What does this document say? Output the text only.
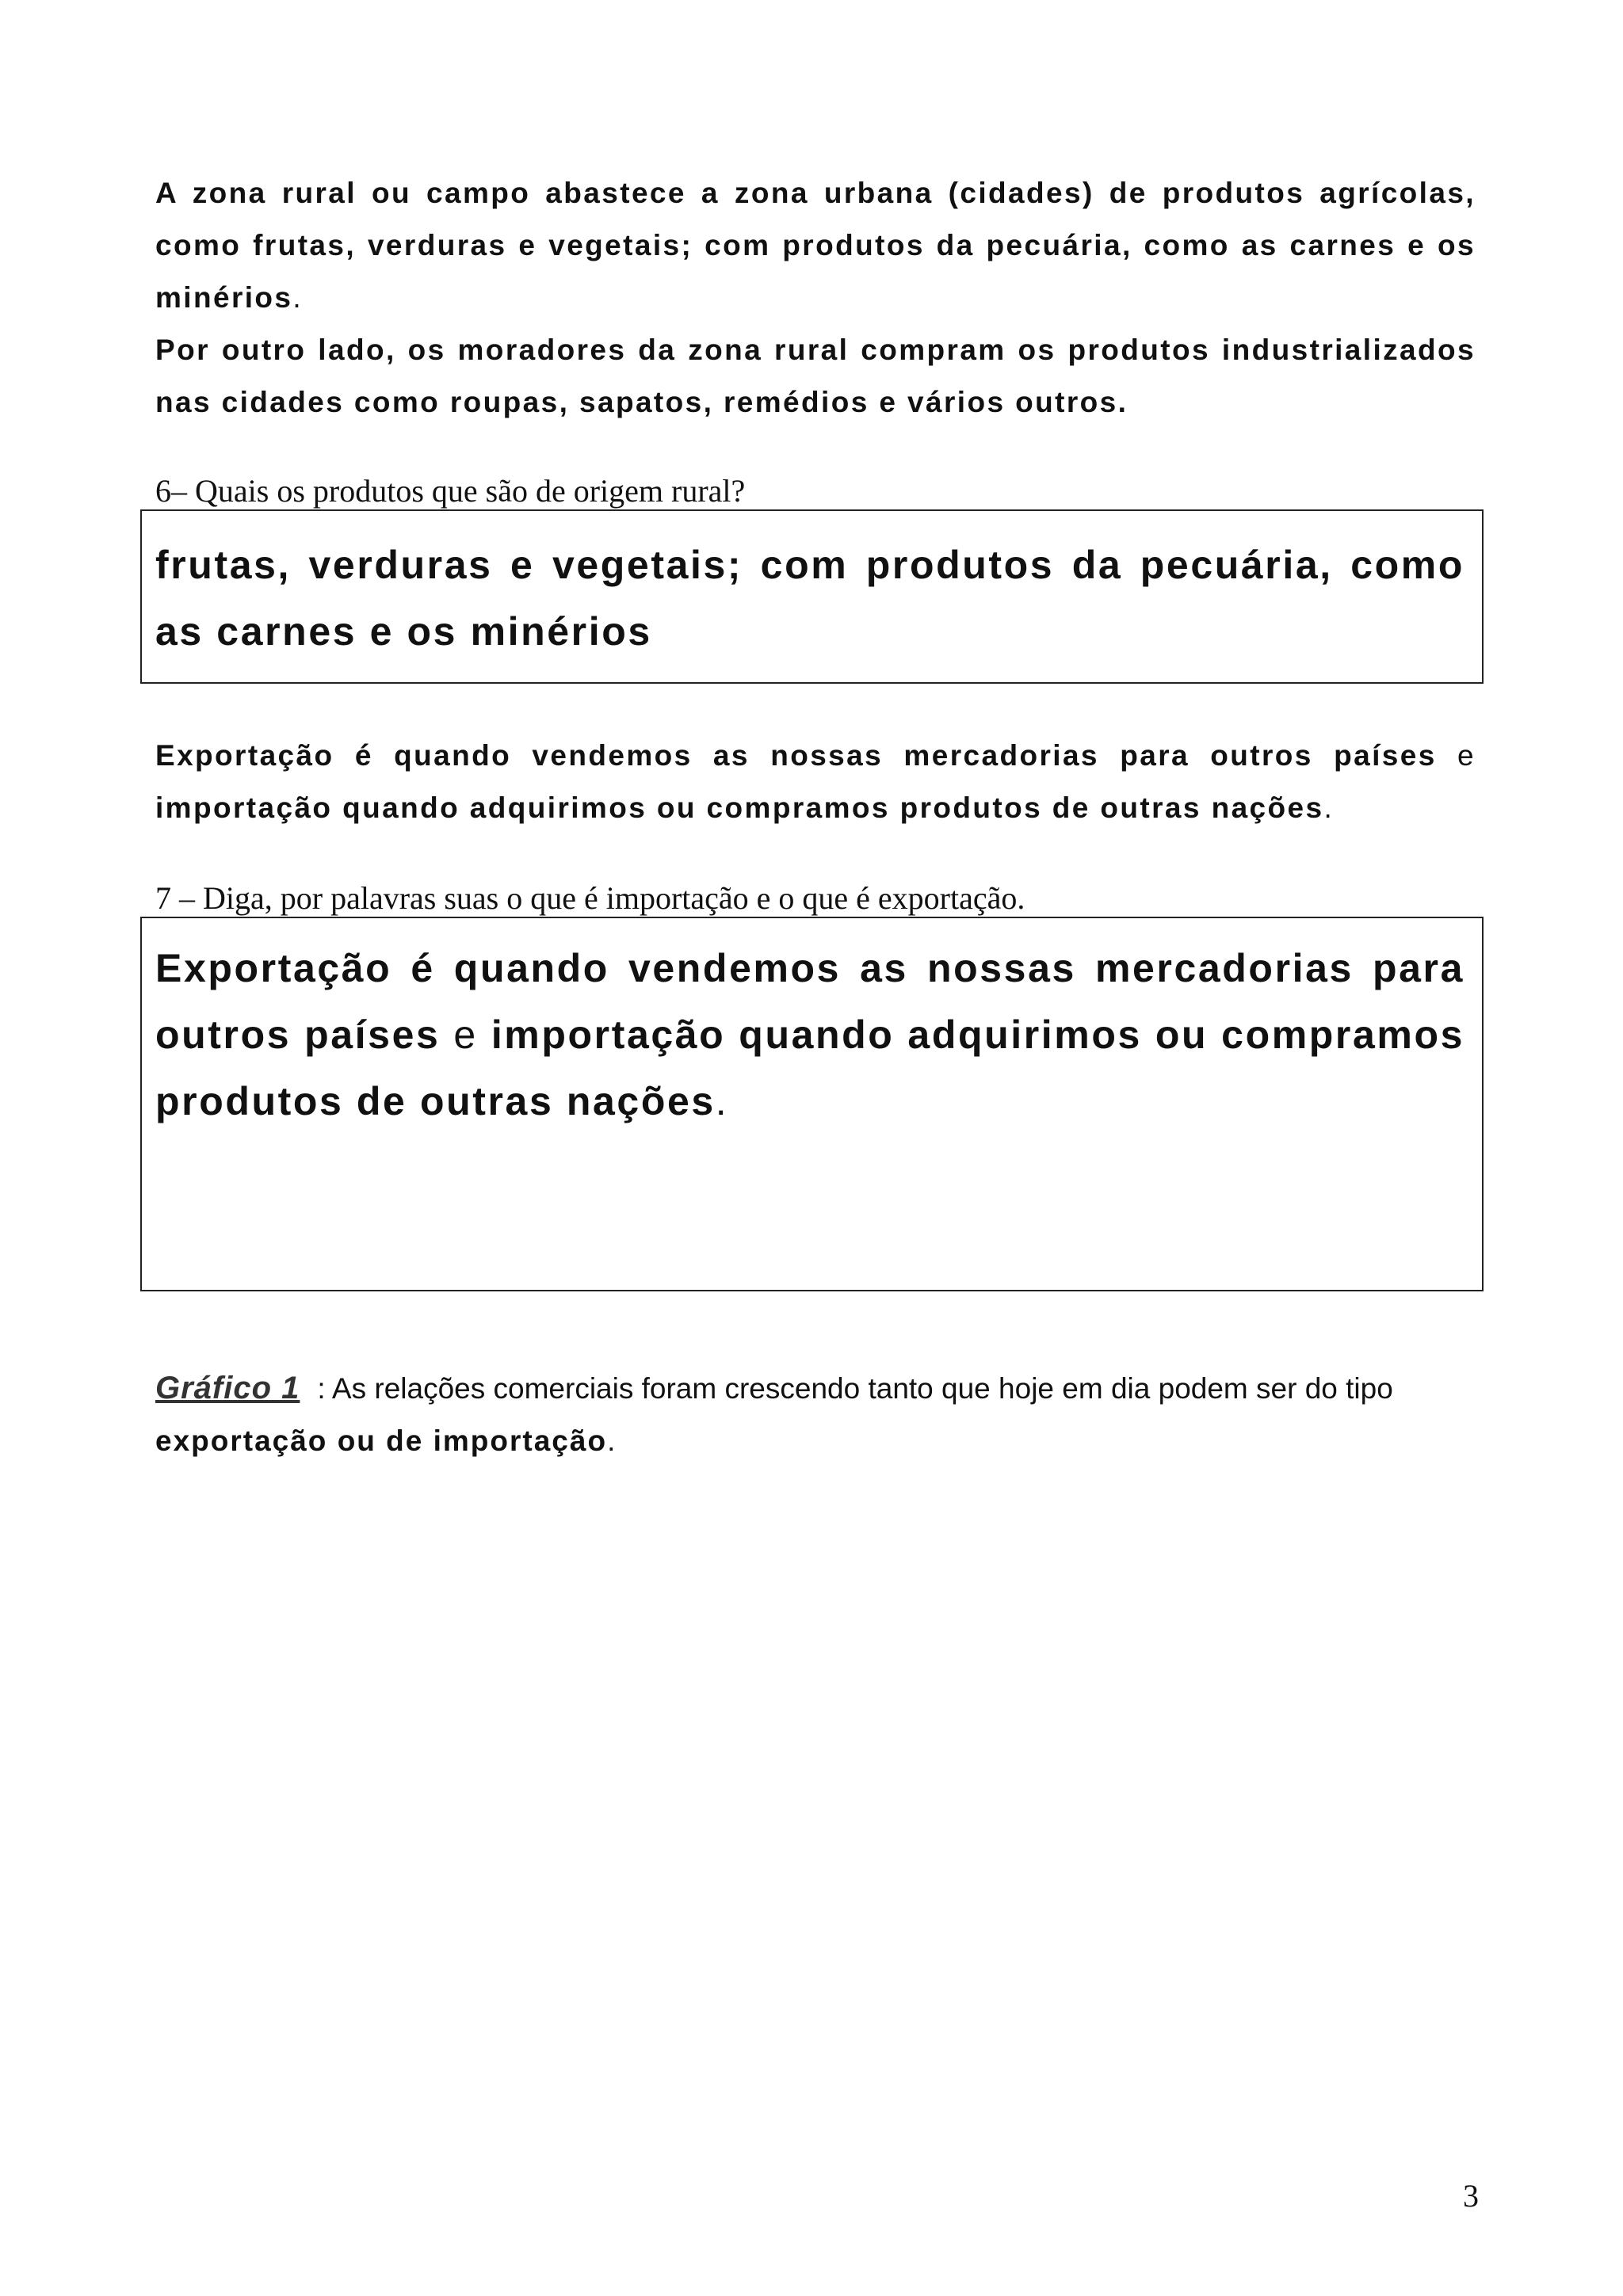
A zona rural ou campo abastece a zona urbana (cidades) de produtos agrícolas, como frutas, verduras e vegetais; com produtos da pecuária, como as carnes e os minérios.

Por outro lado, os moradores da zona rural compram os produtos industrializados nas cidades como roupas, sapatos, remédios e vários outros.

6– Quais os produtos que são de origem rural?

frutas, verduras e vegetais; com produtos da pecuária, como as carnes e os minérios

Exportação é quando vendemos as nossas mercadorias para outros países e importação quando adquirimos ou compramos produtos de outras nações.

7 – Diga, por palavras suas o que é importação e o que é exportação.

Exportação é quando vendemos as nossas mercadorias para outros países e importação quando adquirimos ou compramos produtos de outras nações.

Gráfico 1 : As relações comerciais foram crescendo tanto que hoje em dia podem ser do tipo exportação ou de importação.

3
